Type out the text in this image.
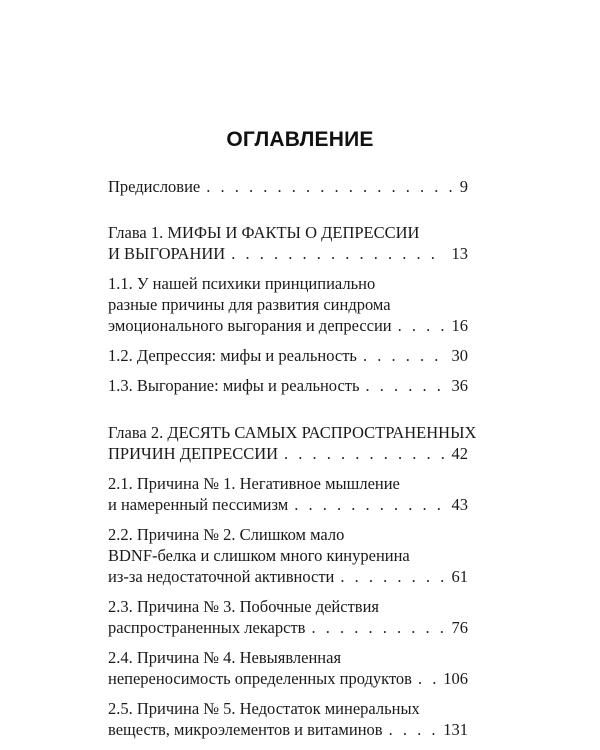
ОГЛАВЛЕНИЕ
Предисловие . . .	9
Глава 1. МИФЫ И ФАКТЫ О ДЕПРЕССИИ
И ВЫГОРАНИИ . . .	13
1.1. У нашей психики принципиально
разные причины для развития синдрома
эмоционального выгорания и депрессии . . .	16
1.2. Депрессия: мифы и реальность . . .	30
1.3. Выгорание: мифы и реальность . . .	36
Глава 2. ДЕСЯТЬ САМЫХ РАСПРОСТРАНЕННЫХ
ПРИЧИН ДЕПРЕССИИ . . .	42
2.1. Причина № 1. Негативное мышление
и намеренный пессимизм . . .	43
2.2. Причина № 2. Слишком мало
BDNF-белка и слишком много кинуренина
из-за недостаточной активности . . .	61
2.3. Причина № 3. Побочные действия
распространенных лекарств . . .	76
2.4. Причина № 4. Невыявленная
непереносимость определенных продуктов . . . 106
2.5. Причина № 5. Недостаток минеральных
веществ, микроэлементов и витаминов . . .	131
